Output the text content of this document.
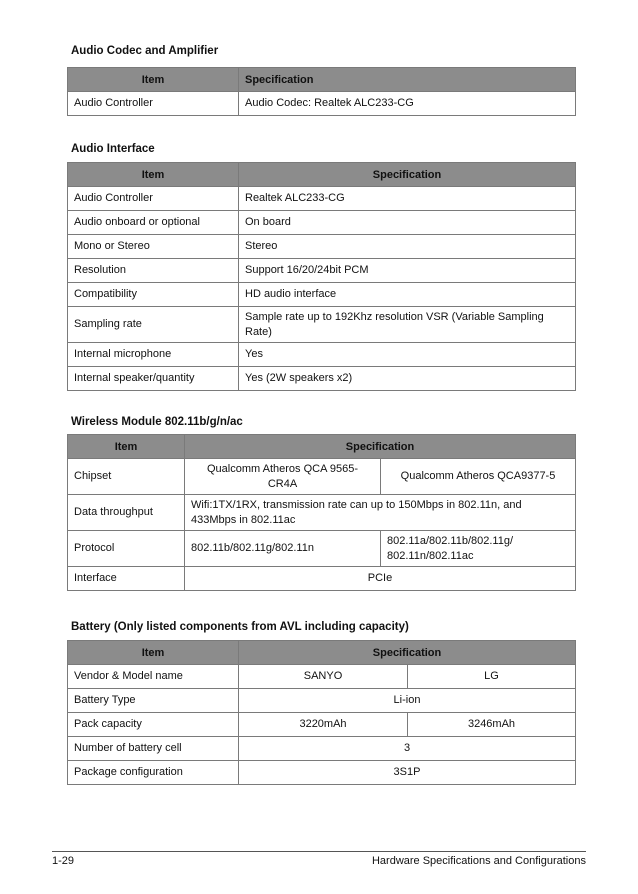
Audio Codec and Amplifier
Item	Specification
Audio Controller	Audio Codec: Realtek ALC233-CG
Audio Interface
Item	Specification
Audio Controller	Realtek ALC233-CG
Audio onboard or optional	On board
Mono or Stereo	Stereo
Resolution	Support 16/20/24bit PCM
Compatibility	HD audio interface
Sampling rate	Sample rate up to 192Khz resolution VSR (Variable Sampling Rate)
Internal microphone	Yes
Internal speaker/quantity	Yes (2W speakers x2)
Wireless Module 802.11b/g/n/ac
Item	Specification	
Chipset	Qualcomm Atheros QCA 9565-CR4A	Qualcomm Atheros QCA9377-5
Data throughput	Wifi:1TX/1RX, transmission rate can up to 150Mbps in 802.11n, and 433Mbps in 802.11ac	
Protocol	802.11b/802.11g/802.11n	802.11a/802.11b/802.11g/ 802.11n/802.11ac
Interface	PCIe	
Battery (Only listed components from AVL including capacity)
Item	Specification	
Vendor & Model name	SANYO	LG
Battery Type	Li-ion	
Pack capacity	3220mAh	3246mAh
Number of battery cell	3	
Package configuration	3S1P	
1-29	Hardware Specifications and Configurations
